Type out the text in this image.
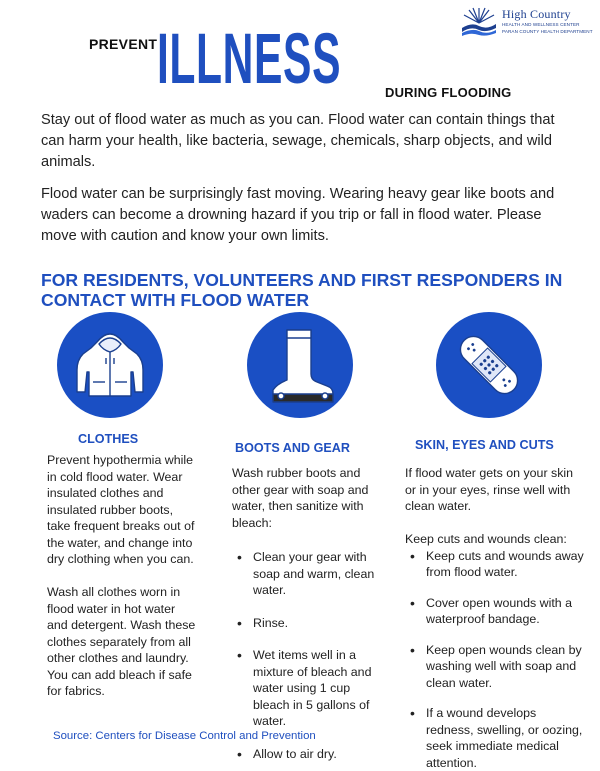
High Country
HEALTH AND WELLNESS CENTER
PARAN COUNTY HEALTH DEPARTMENT
PREVENT ILLNESS	DURING FLOODING

Stay out of flood water as much as you can. Flood water can contain things that can harm your health, like bacteria, sewage, chemicals, sharp objects, and wild animals.

Flood water can be surprisingly fast moving. Wearing heavy gear like boots and waders can become a drowning hazard if you trip or fall in flood water. Please move with caution and know your own limits.

FOR RESIDENTS, VOLUNTEERS AND FIRST RESPONDERS IN CONTACT WITH FLOOD WATER
CLOTHES
BOOTS AND GEAR	SKIN, EYES AND CUTS

Prevent hypothermia while in cold flood water. Wear insulated clothes and insulated rubber boots, take frequent breaks out of the water, and change into dry clothing when you can.

Wash all clothes worn in flood water in hot water and detergent. Wash these clothes separately from all other clothes and laundry. You can add bleach if safe for fabrics.

Wash rubber boots and other gear with soap and water, then sanitize with bleach:

• Clean your gear with soap and warm, clean water.
• Rinse.
• Wet items well in a mixture of bleach and water using 1 cup bleach in 5 gallons of water.
• Allow to air dry.

If flood water gets on your skin or in your eyes, rinse well with clean water.

Keep cuts and wounds clean:

• Keep cuts and wounds away from flood water.
• Cover open wounds with a waterproof bandage.
• Keep open wounds clean by washing well with soap and clean water.
• If a wound develops redness, swelling, or oozing, seek immediate medical attention.
Source: Centers for Disease Control and Prevention
